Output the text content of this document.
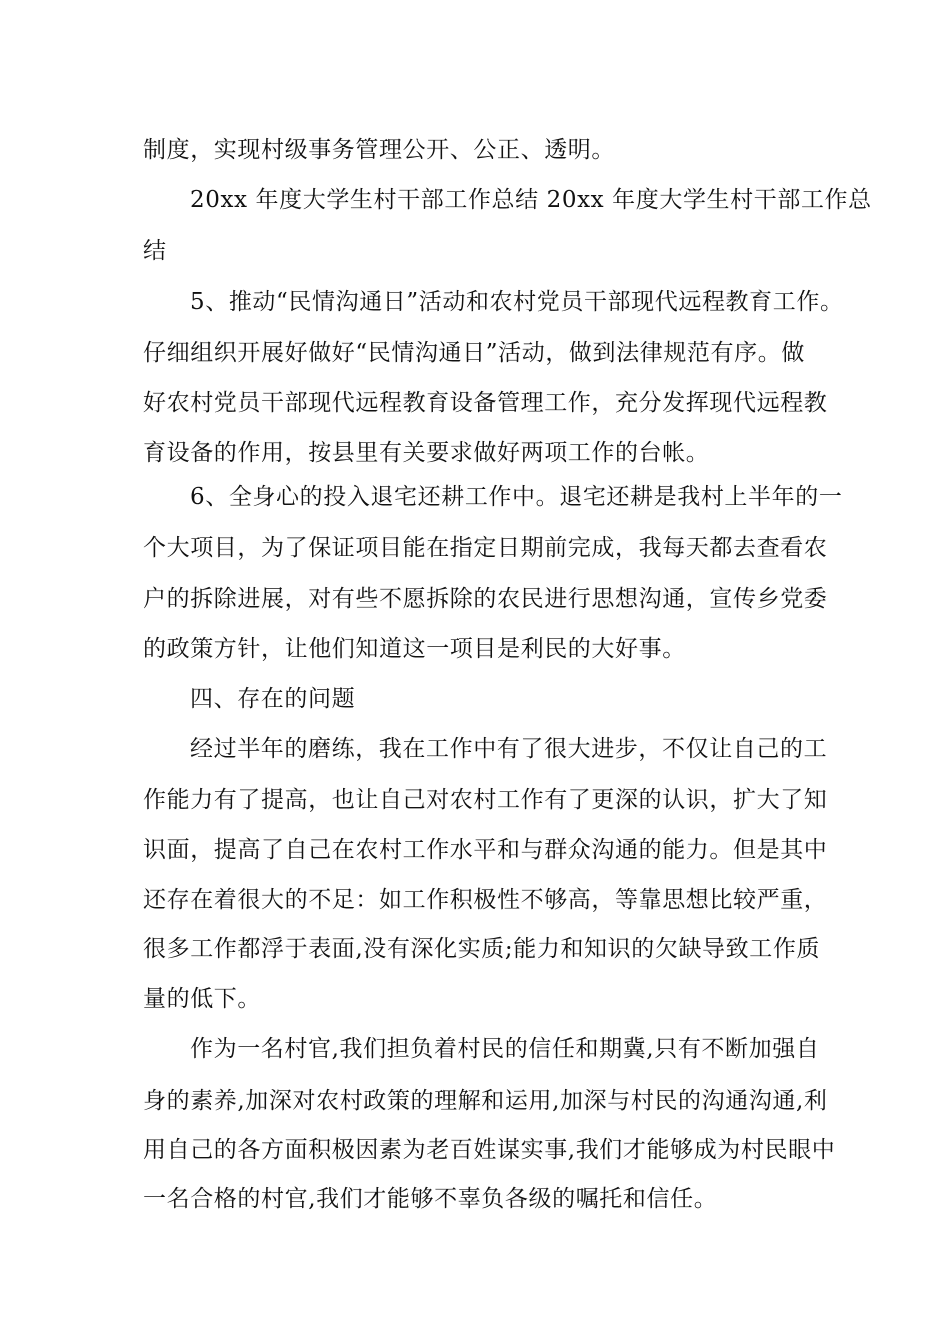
制度，实现村级事务管理公开、公正、透明。
20xx 年度大学生村干部工作总结 20xx 年度大学生村干部工作总
结
5、推动“民情沟通日”活动和农村党员干部现代远程教育工作。
仔细组织开展好做好“民情沟通日”活动，做到法律规范有序。做
好农村党员干部现代远程教育设备管理工作，充分发挥现代远程教
育设备的作用，按县里有关要求做好两项工作的台帐。
6、全身心的投入退宅还耕工作中。退宅还耕是我村上半年的一
个大项目，为了保证项目能在指定日期前完成，我每天都去查看农
户的拆除进展，对有些不愿拆除的农民进行思想沟通，宣传乡党委
的政策方针，让他们知道这一项目是利民的大好事。
四、存在的问题
经过半年的磨练，我在工作中有了很大进步，不仅让自己的工
作能力有了提高，也让自己对农村工作有了更深的认识，扩大了知
识面，提高了自己在农村工作水平和与群众沟通的能力。但是其中
还存在着很大的不足：如工作积极性不够高，等靠思想比较严重，
很多工作都浮于表面,没有深化实质;能力和知识的欠缺导致工作质
量的低下。
作为一名村官,我们担负着村民的信任和期冀,只有不断加强自
身的素养,加深对农村政策的理解和运用,加深与村民的沟通沟通,利
用自己的各方面积极因素为老百姓谋实事,我们才能够成为村民眼中
一名合格的村官,我们才能够不辜负各级的嘱托和信任。
